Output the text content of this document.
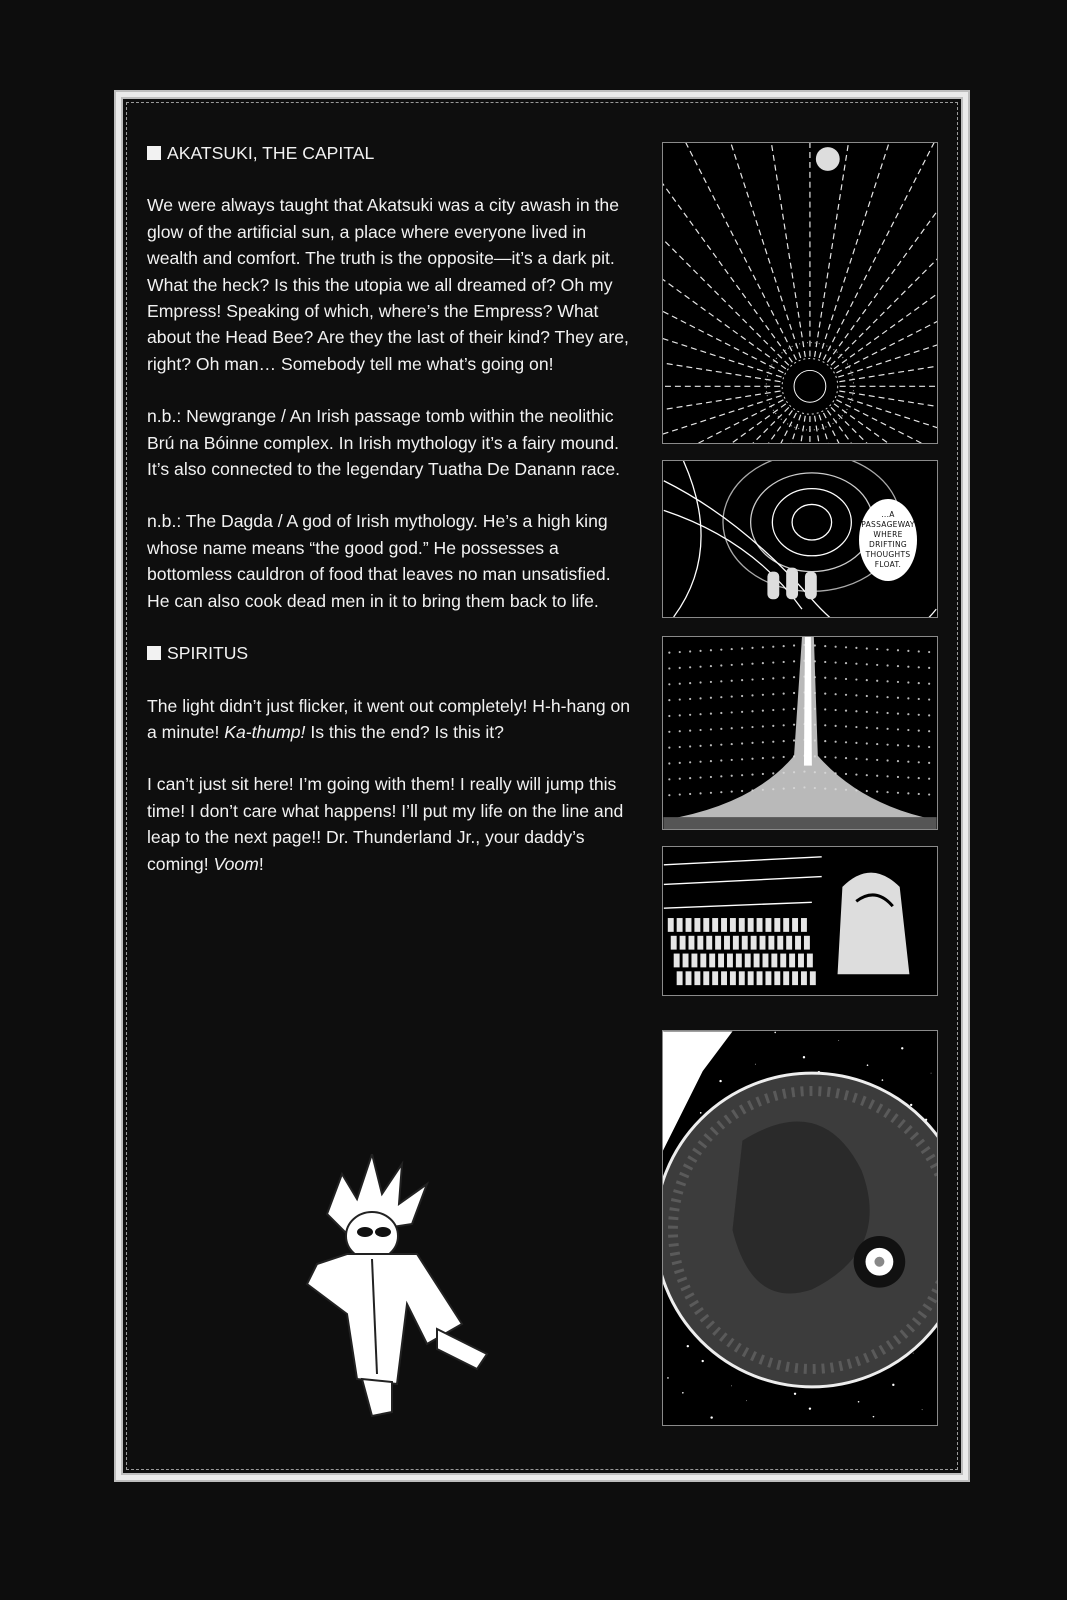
AKATSUKI, THE CAPITAL

We were always taught that Akatsuki was a city awash in the glow of the artificial sun, a place where everyone lived in wealth and comfort. The truth is the opposite—it’s a dark pit. What the heck? Is this the utopia we all dreamed of? Oh my Empress! Speaking of which, where’s the Empress? What about the Head Bee? Are they the last of their kind? They are, right? Oh man… Somebody tell me what’s going on!

n.b.: Newgrange / An Irish passage tomb within the neolithic Brú na Bóinne complex. In Irish mythology it’s a fairy mound. It’s also connected to the legendary Tuatha De Danann race.

n.b.: The Dagda / A god of Irish mythology. He’s a high king whose name means “the good god.” He possesses a bottomless cauldron of food that leaves no man unsatisfied. He can also cook dead men in it to bring them back to life.

SPIRITUS

The light didn’t just flicker, it went out completely! H-h-hang on a minute! Ka-thump! Is this the end? Is this it?

I can’t just sit here! I’m going with them! I really will jump this time! I don’t care what happens! I’ll put my life on the line and leap to the next page!! Dr. Thunderland Jr., your daddy’s coming! Voom!

...A PASSAGEWAY WHERE DRIFTING THOUGHTS FLOAT.
